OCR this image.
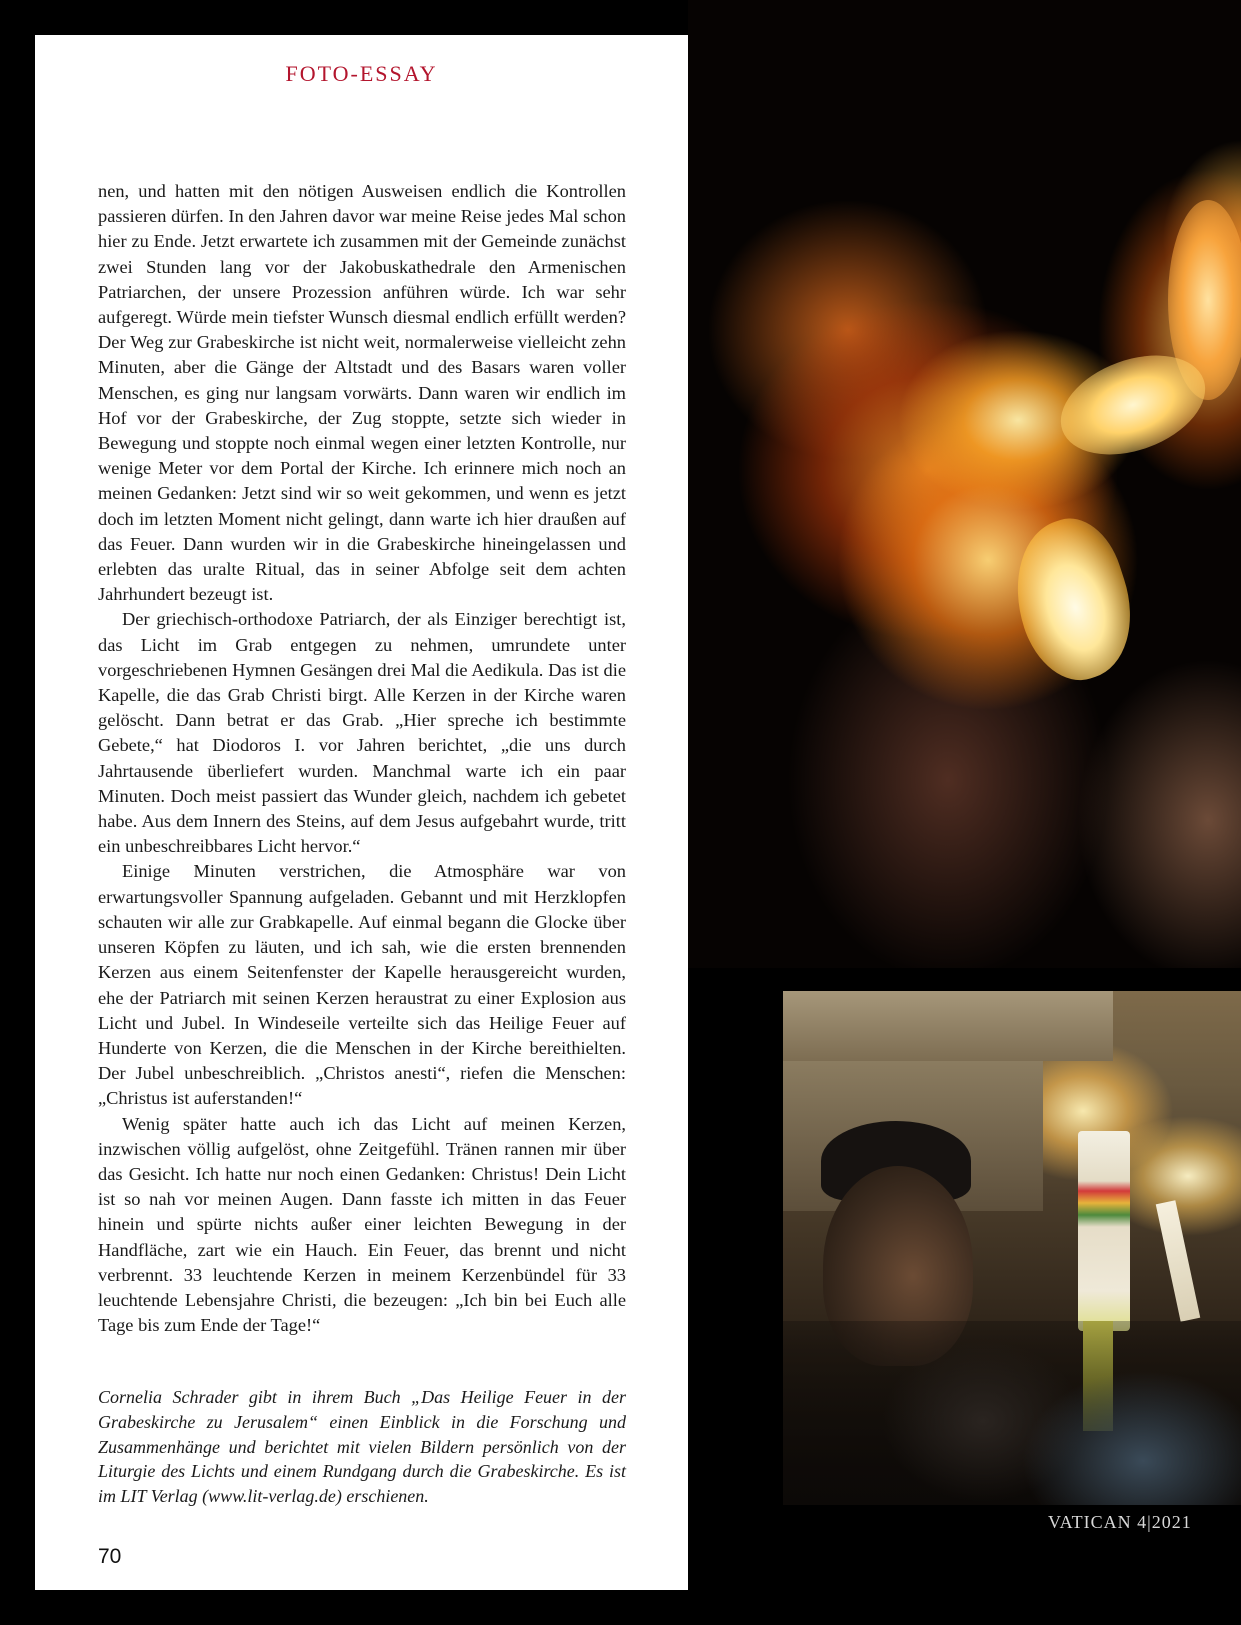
FOTO-ESSAY

nen, und hatten mit den nötigen Ausweisen endlich die Kontrollen passieren dürfen. In den Jahren davor war meine Reise jedes Mal schon hier zu Ende. Jetzt erwartete ich zusammen mit der Gemeinde zunächst zwei Stunden lang vor der Jakobuskathedrale den Armenischen Patriarchen, der unsere Prozession anführen würde. Ich war sehr aufgeregt. Würde mein tiefster Wunsch diesmal endlich erfüllt werden? Der Weg zur Grabeskirche ist nicht weit, normalerweise vielleicht zehn Minuten, aber die Gänge der Altstadt und des Basars waren voller Menschen, es ging nur langsam vorwärts. Dann waren wir endlich im Hof vor der Grabeskirche, der Zug stoppte, setzte sich wieder in Bewegung und stoppte noch einmal wegen einer letzten Kontrolle, nur wenige Meter vor dem Portal der Kirche. Ich erinnere mich noch an meinen Gedanken: Jetzt sind wir so weit gekommen, und wenn es jetzt doch im letzten Moment nicht gelingt, dann warte ich hier draußen auf das Feuer. Dann wurden wir in die Grabeskirche hineingelassen und erlebten das uralte Ritual, das in seiner Abfolge seit dem achten Jahrhundert bezeugt ist.

Der griechisch-orthodoxe Patriarch, der als Einziger berechtigt ist, das Licht im Grab entgegen zu nehmen, umrundete unter vorgeschriebenen Hymnen Gesängen drei Mal die Aedikula. Das ist die Kapelle, die das Grab Christi birgt. Alle Kerzen in der Kirche waren gelöscht. Dann betrat er das Grab. „Hier spreche ich bestimmte Gebete,“ hat Diodoros I. vor Jahren berichtet, „die uns durch Jahrtausende überliefert wurden. Manchmal warte ich ein paar Minuten. Doch meist passiert das Wunder gleich, nachdem ich gebetet habe. Aus dem Innern des Steins, auf dem Jesus aufgebahrt wurde, tritt ein unbeschreibbares Licht hervor.“

Einige Minuten verstrichen, die Atmosphäre war von erwartungsvoller Spannung aufgeladen. Gebannt und mit Herzklopfen schauten wir alle zur Grabkapelle. Auf einmal begann die Glocke über unseren Köpfen zu läuten, und ich sah, wie die ersten brennenden Kerzen aus einem Seitenfenster der Kapelle herausgereicht wurden, ehe der Patriarch mit seinen Kerzen heraustrat zu einer Explosion aus Licht und Jubel. In Windeseile verteilte sich das Heilige Feuer auf Hunderte von Kerzen, die die Menschen in der Kirche bereithielten. Der Jubel unbeschreiblich. „Christos anesti“, riefen die Menschen: „Christus ist auferstanden!“

Wenig später hatte auch ich das Licht auf meinen Kerzen, inzwischen völlig aufgelöst, ohne Zeitgefühl. Tränen rannen mir über das Gesicht. Ich hatte nur noch einen Gedanken: Christus! Dein Licht ist so nah vor meinen Augen. Dann fasste ich mitten in das Feuer hinein und spürte nichts außer einer leichten Bewegung in der Handfläche, zart wie ein Hauch. Ein Feuer, das brennt und nicht verbrennt. 33 leuchtende Kerzen in meinem Kerzenbündel für 33 leuchtende Lebensjahre Christi, die bezeugen: „Ich bin bei Euch alle Tage bis zum Ende der Tage!“

Cornelia Schrader gibt in ihrem Buch „Das Heilige Feuer in der Grabeskirche zu Jerusalem“ einen Einblick in die Forschung und Zusammenhänge und berichtet mit vielen Bildern persönlich von der Liturgie des Lichts und einem Rundgang durch die Grabeskirche. Es ist im LIT Verlag (www.lit-verlag.de) erschienen.
70
VATICAN 4|2021
